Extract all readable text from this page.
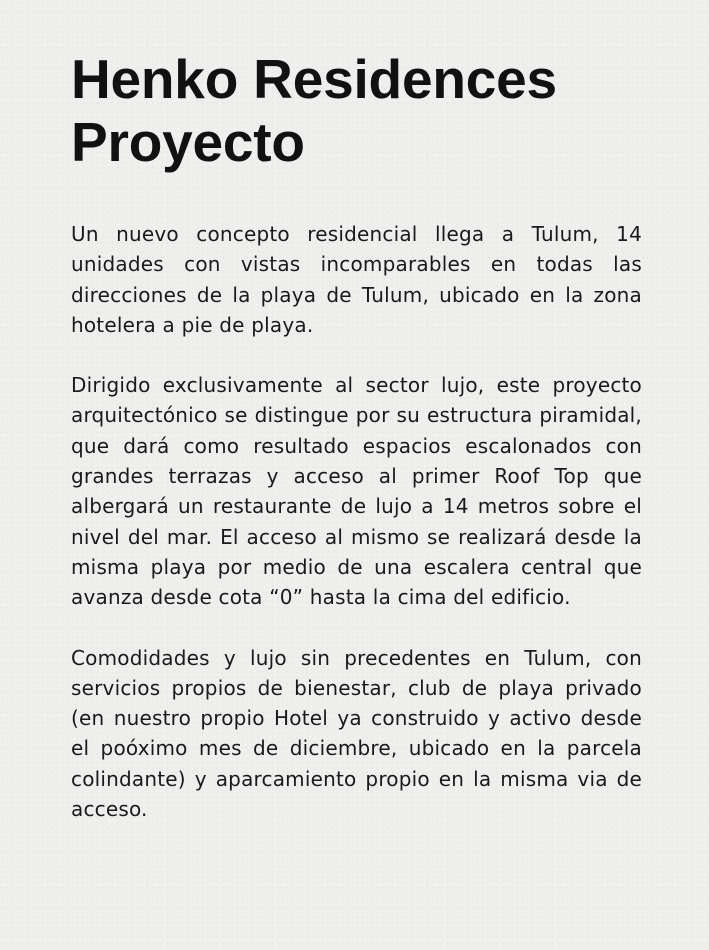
Henko Residences
Proyecto

Un nuevo concepto residencial llega a Tulum, 14 unidades con vistas incomparables en todas las direcciones de la playa de Tulum, ubicado en la zona hotelera a pie de playa.

Dirigido exclusivamente al sector lujo, este proyecto arquitectónico se distingue por su estructura piramidal, que dará como resultado espacios escalonados con grandes terrazas y acceso al primer Roof Top que albergará un restaurante de lujo a 14 metros sobre el nivel del mar. El acceso al mismo se realizará desde la misma playa por medio de una escalera central que avanza desde cota “0” hasta la cima del edificio.

Comodidades y lujo sin precedentes en Tulum, con servicios propios de bienestar, club de playa privado (en nuestro propio Hotel ya construido y activo desde el poóximo mes de diciembre, ubicado en la parcela colindante) y aparcamiento propio en la misma via de acceso.
